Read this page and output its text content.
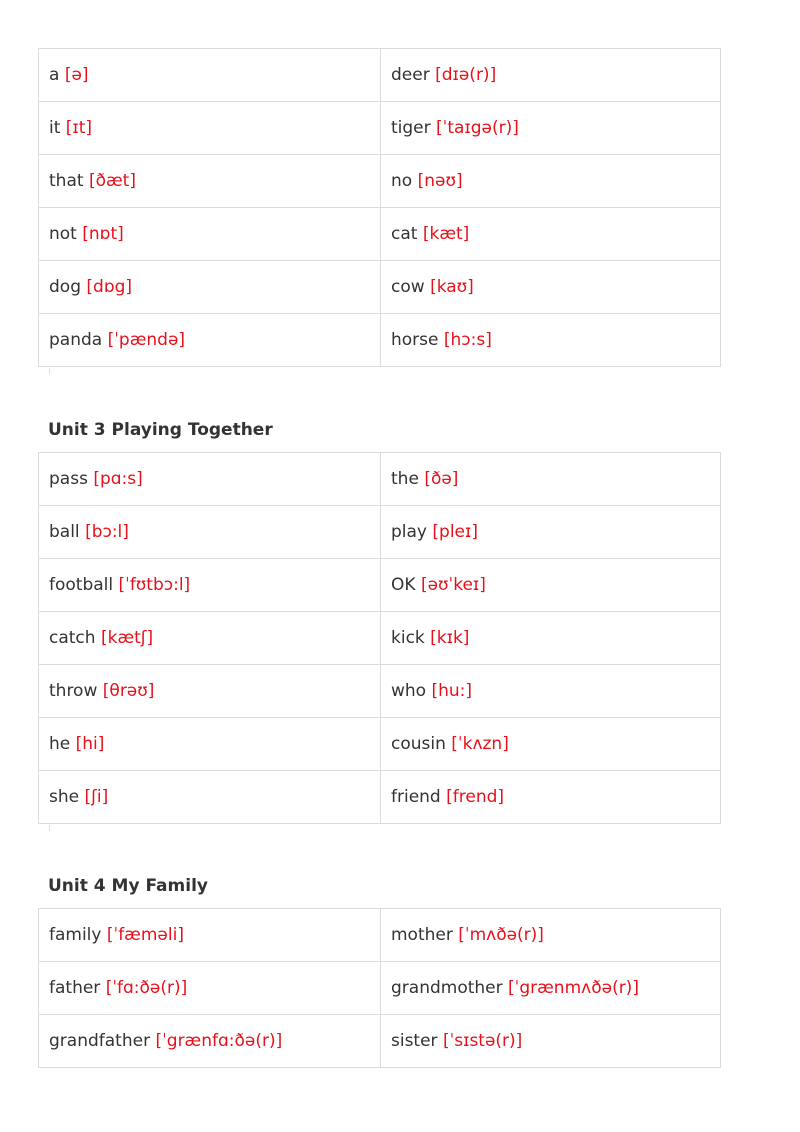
a [ə]	deer [dɪə(r)]
it [ɪt]	tiger [ˈtaɪgə(r)]
that [ðæt]	no [nəʊ]
not [nɒt]	cat [kæt]
dog [dɒg]	cow [kaʊ]
panda [ˈpændə]	horse [hɔ:s]
Unit 3 Playing Together
pass [pɑ:s]	the [ðə]
ball [bɔ:l]	play [pleɪ]
football [ˈfʊtbɔ:l]	OK [əʊˈkeɪ]
catch [kætʃ]	kick [kɪk]
throw [θrəʊ]	who [hu:]
he [hi]	cousin [ˈkʌzn]
she [ʃi]	friend [frend]
Unit 4 My Family
family [ˈfæməli]	mother [ˈmʌðə(r)]
father [ˈfɑ:ðə(r)]	grandmother [ˈgrænmʌðə(r)]
grandfather [ˈgrænfɑ:ðə(r)]	sister [ˈsɪstə(r)]
